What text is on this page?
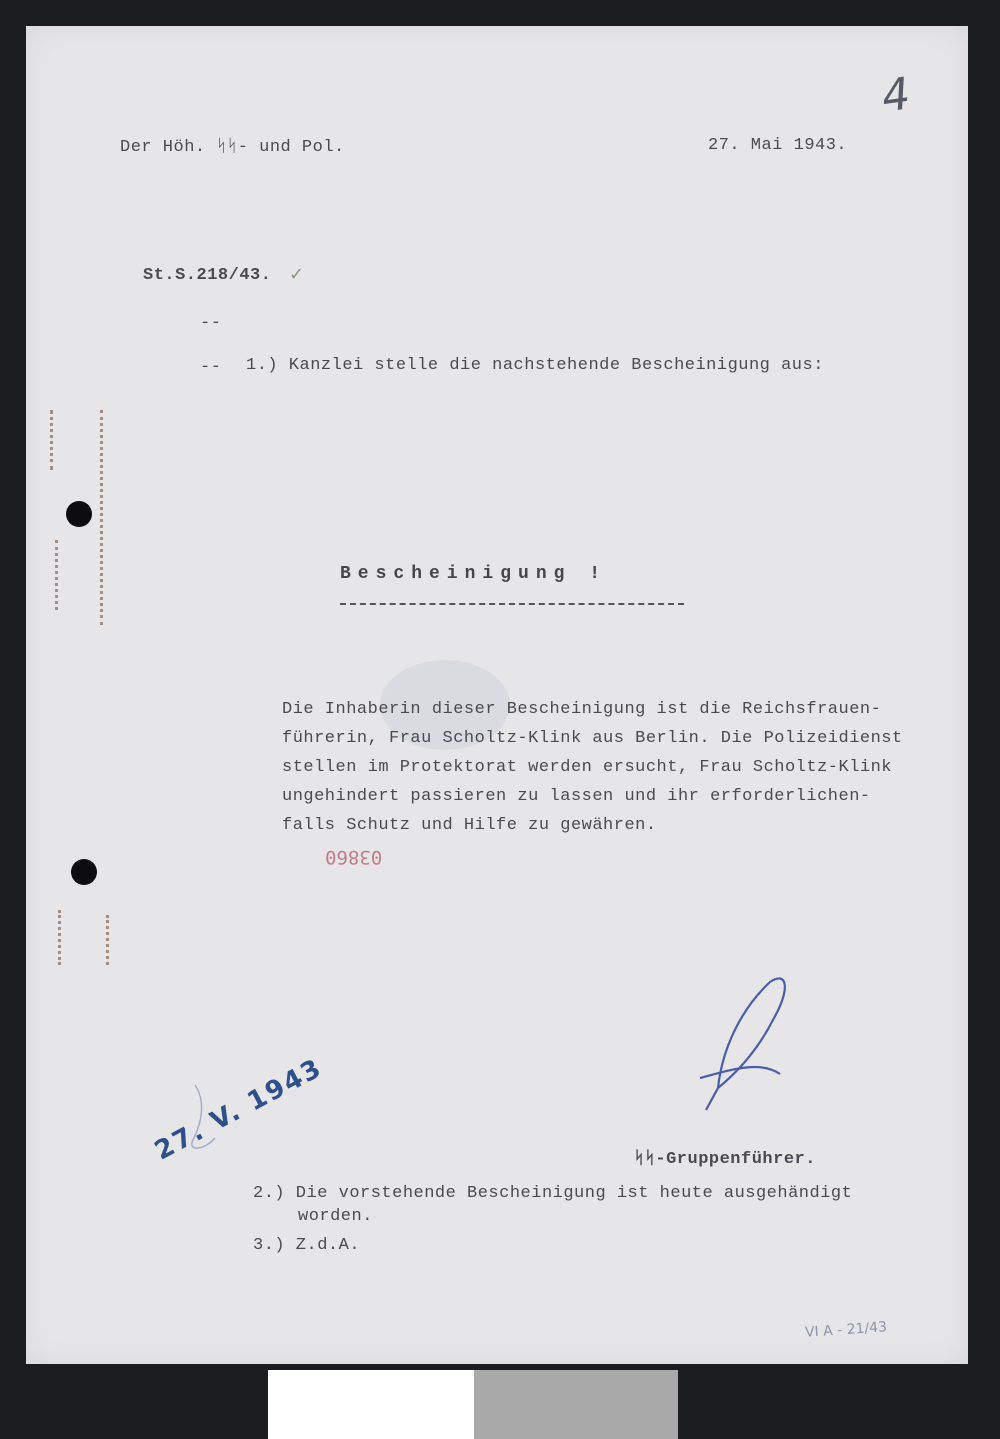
Der Höh. ᛋᛋ- und Pol.	27. Mai 1943.
4
St.S.218/43. ✓
--
-- 1.) Kanzlei stelle die nachstehende Bescheinigung aus:
Bescheinigung !
Die Inhaberin dieser Bescheinigung ist die Reichsfrauen-
führerin, Frau Scholtz-Klink aus Berlin. Die Polizeidienst
stellen im Protektorat werden ersucht, Frau Scholtz-Klink
ungehindert passieren zu lassen und ihr erforderlichen-
falls Schutz und Hilfe zu gewähren.
03860
ᛋᛋ-Gruppenführer.
27. V. 1943
2.) Die vorstehende Bescheinigung ist heute ausgehändigt
worden.
3.) Z.d.A.
VI A - 21/43
